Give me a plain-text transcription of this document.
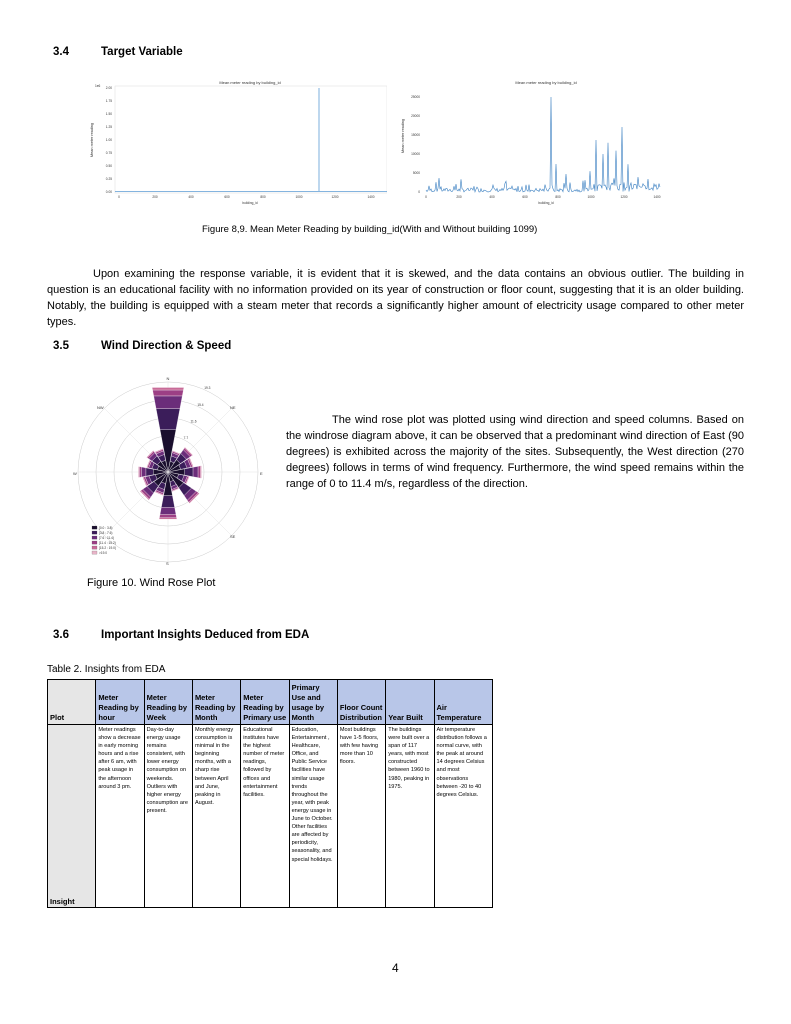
3.4	Target Variable
Mean meter reading by building_id
1e6
0.00
0.25
0.50
0.75
1.00
1.25
1.50
1.75
2.00
0	200	400	600	800	1000	1200	1400
building_id
Mean meter reading
Mean meter reading by building_id
0
5000
10000
15000
20000
25000
0	200	400	600	800	1000	1200	1400
building_id
Mean meter reading
Figure 8,9. Mean Meter Reading by building_id(With and Without building 1099)
Upon examining the response variable, it is evident that it is skewed, and the data contains an obvious outlier. The building in question is an educational facility with no information provided on its year of construction or floor count, suggesting that it is an older building. Notably, the building is equipped with a steam meter that records a significantly higher amount of electricity usage compared to other meter types.
3.5	Wind Direction & Speed
7.7
11.6
15.4
19.3
N
NE
E
SE
S
NW
W
[0.0 : 3.8)
[3.8 : 7.6)
[7.6 : 11.4)
[11.4 : 15.2)
[15.2 : 19.0)
>19.0
Figure 10. Wind Rose Plot
The wind rose plot was plotted using wind direction and speed columns. Based on the windrose diagram above, it can be observed that a predominant wind direction of East (90 degrees) is exhibited across the majority of the sites. Subsequently, the West direction (270 degrees) follows in terms of wind frequency. Furthermore, the wind speed remains within the range of 0 to 11.4 m/s, regardless of the direction.
3.6	Important Insights Deduced from EDA
Table 2. Insights from EDA
Plot	Meter Reading by hour	Meter Reading by Week	Meter Reading by Month	Meter Reading by Primary use	Primary Use and usage by Month	Floor Count Distribution	Year Built	Air Temperature
Insight	Meter readings show a decrease in early morning hours and a rise after 6 am, with peak usage in the afternoon around 3 pm.	Day-to-day energy usage remains consistent, with lower energy consumption on weekends. Outliers with higher energy consumption are present.	Monthly energy consumption is minimal in the beginning months, with a sharp rise between April and June, peaking in August.	Educational institutes have the highest number of meter readings, followed by offices and entertainment facilities.	Education, Entertainment , Healthcare, Office, and Public Service facilities have similar usage trends throughout the year, with peak energy usage in June to October. Other facilities are affected by periodicity, seasonality, and special holidays.	Most buildings have 1-5 floors, with few having more than 10 floors.	The buildings were built over a span of 117 years, with most constructed between 1960 to 1980, peaking in 1975.	Air temperature distribution follows a normal curve, with the peak at around 14 degrees Celsius and most observations between -20 to 40 degrees Celsius.
4
